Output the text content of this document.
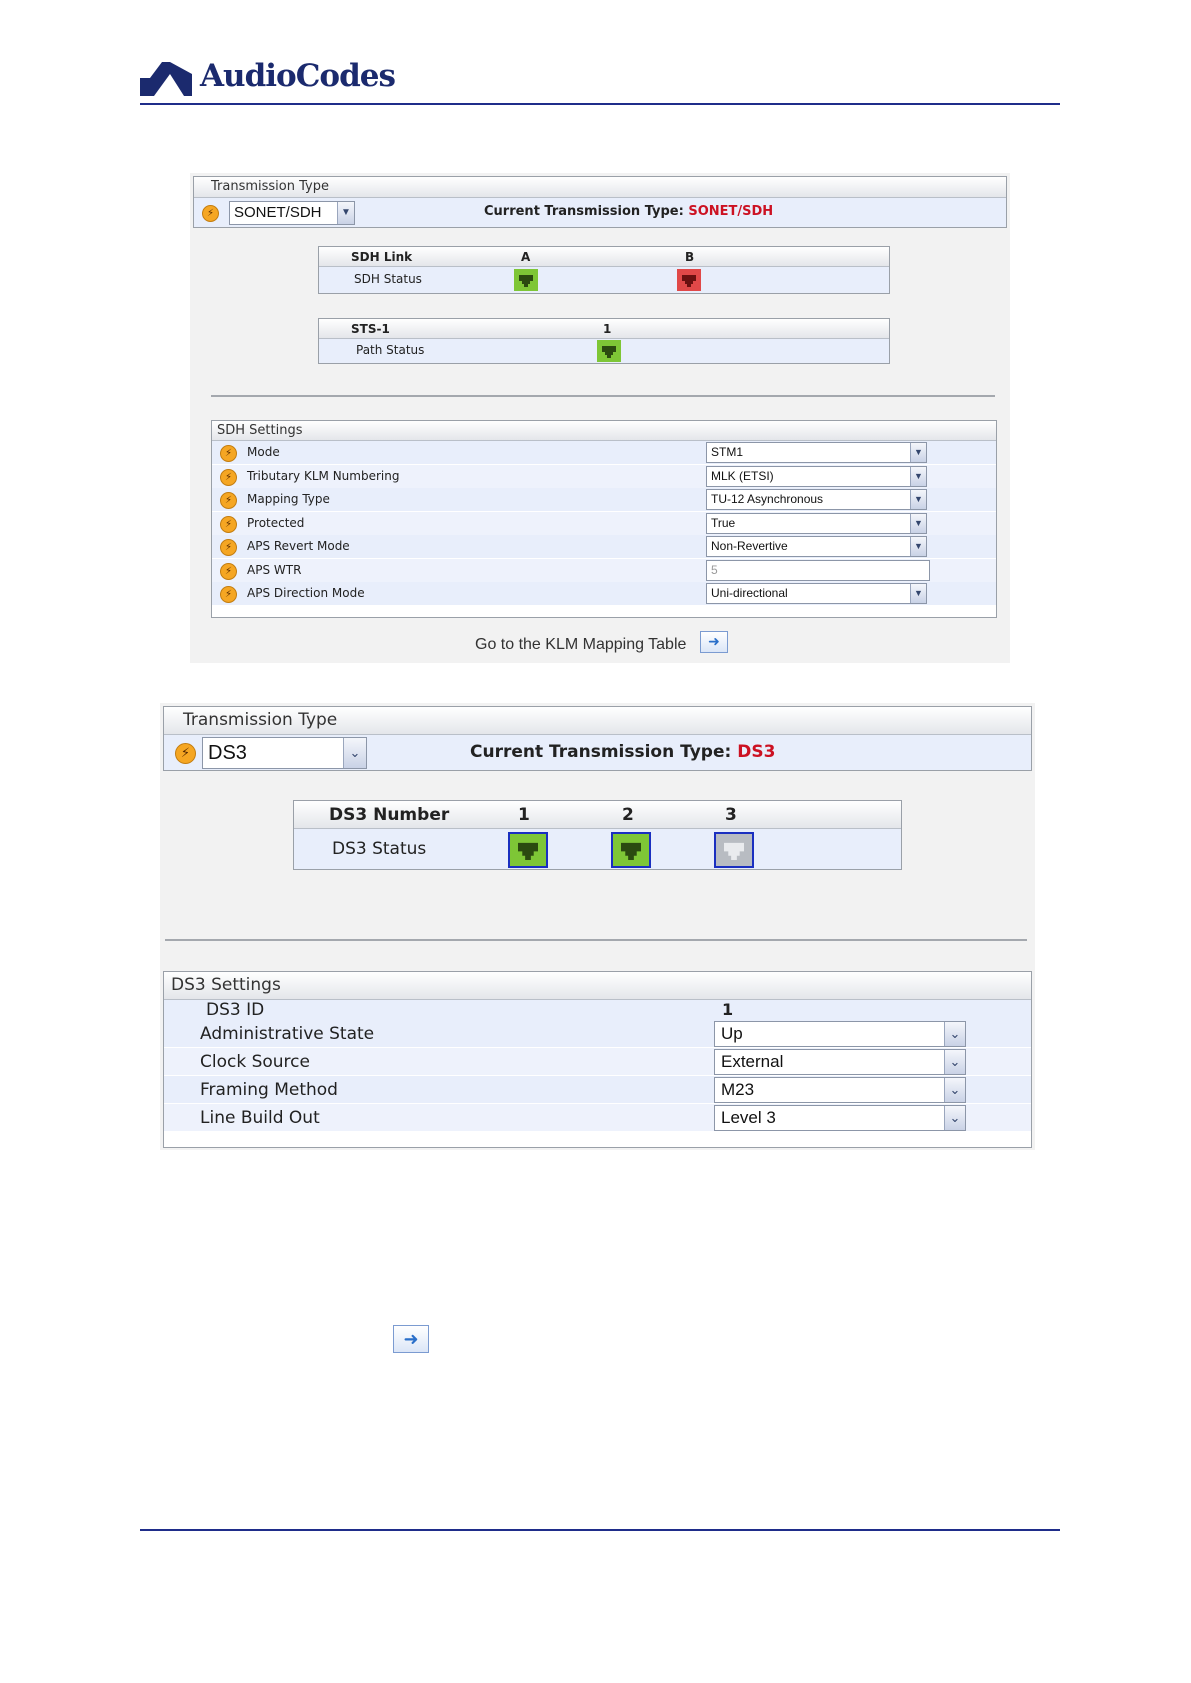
AudioCodes
Transmission Type
⚡	SONET/SDH	▼	Current Transmission Type: SONET/SDH
SDH Link	A	B
SDH Status
STS-1	1
Path Status
SDH Settings
⚡	Mode	STM1	▼
⚡	Tributary KLM Numbering	MLK (ETSI)	▼
⚡	Mapping Type	TU-12 Asynchronous	▼
⚡	Protected	True	▼
⚡	APS Revert Mode	Non-Revertive	▼
⚡	APS WTR	5
⚡	APS Direction Mode	Uni-directional	▼
Go to the KLM Mapping Table	➜
Transmission Type
⚡ DS3	⌄	Current Transmission Type: DS3
DS3 Number	1	2	3
DS3 Status
DS3 Settings
DS3 ID	1
Administrative State	Up	⌄
Clock Source	External	⌄
Framing Method	M23	⌄
Line Build Out	Level 3	⌄
➜
